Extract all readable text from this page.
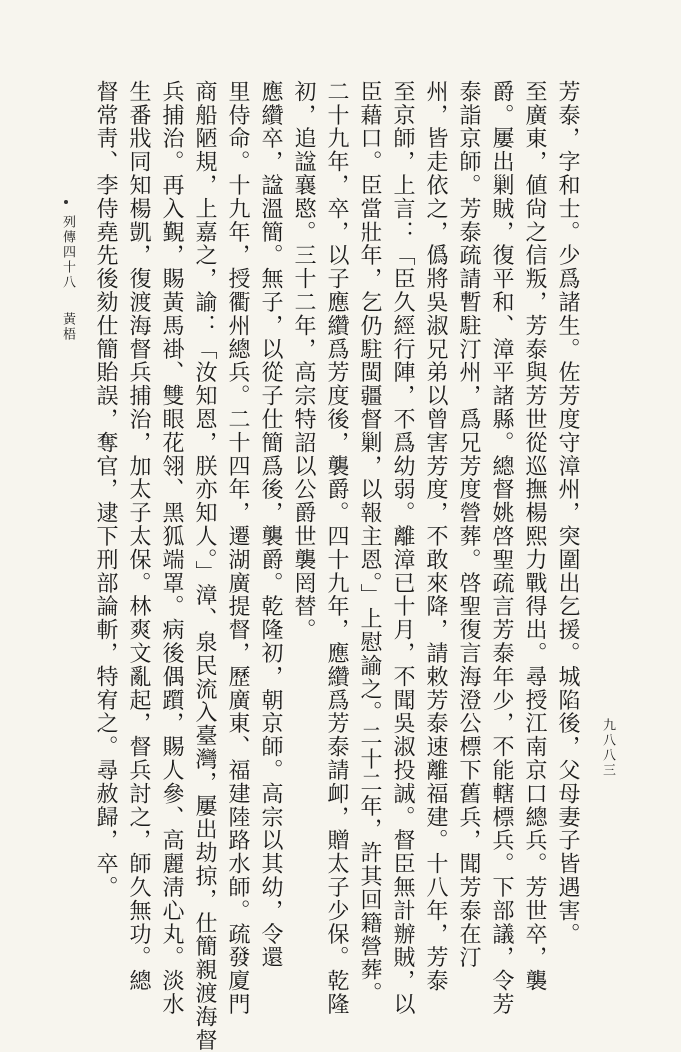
芳泰，字和士。少爲諸生。佐芳度守漳州，突圍出乞援。城陷後，父母妻子皆遇害。
至廣東，値尙之信叛，芳泰與芳世從巡撫楊熙力戰得出。尋授江南京口總兵。芳世卒，襲
爵。屢出剿賊，復平和、漳平諸縣。總督姚啓聖疏言芳泰年少，不能轄標兵。下部議，令芳
泰詣京師。芳泰疏請暫駐汀州，爲兄芳度營葬。啓聖復言海澄公標下舊兵，聞芳泰在汀
州，皆走依之，僞將吳淑兄弟以曾害芳度，不敢來降，請敕芳泰速離福建。十八年，芳泰
至京師，上言：「臣久經行陣，不爲幼弱。離漳已十月，不聞吳淑投誠。督臣無計辦賊，以
臣藉口。臣當壯年，乞仍駐閩疆督剿，以報主恩。」上慰諭之。二十二年，許其回籍營葬。
二十九年，卒，以子應纘爲芳度後，襲爵。四十九年，應纘爲芳泰請卹，贈太子少保。乾隆
初，追諡襄愍。三十二年，高宗特詔以公爵世襲罔替。
應纘卒，諡溫簡。無子，以從子仕簡爲後，襲爵。乾隆初，朝京師。高宗以其幼，令還
里侍命。十九年，授衢州總兵。二十四年，遷湖廣提督，歷廣東、福建陸路水師。疏發廈門
商船陋規，上嘉之，諭：「汝知恩，朕亦知人。」漳、泉民流入臺灣，屢出劫掠，仕簡親渡海督
兵捕治。再入覲，賜黃馬褂、雙眼花翎、黑狐端罩。病後偶躓，賜人參、高麗淸心丸。淡水
生番戕同知楊凱，復渡海督兵捕治，加太子太保。林爽文亂起，督兵討之，師久無功。總
督常靑、李侍堯先後劾仕簡貽誤，奪官，逮下刑部論斬，特宥之。尋赦歸，卒。
列傳四十八
黃梧
九八八三
